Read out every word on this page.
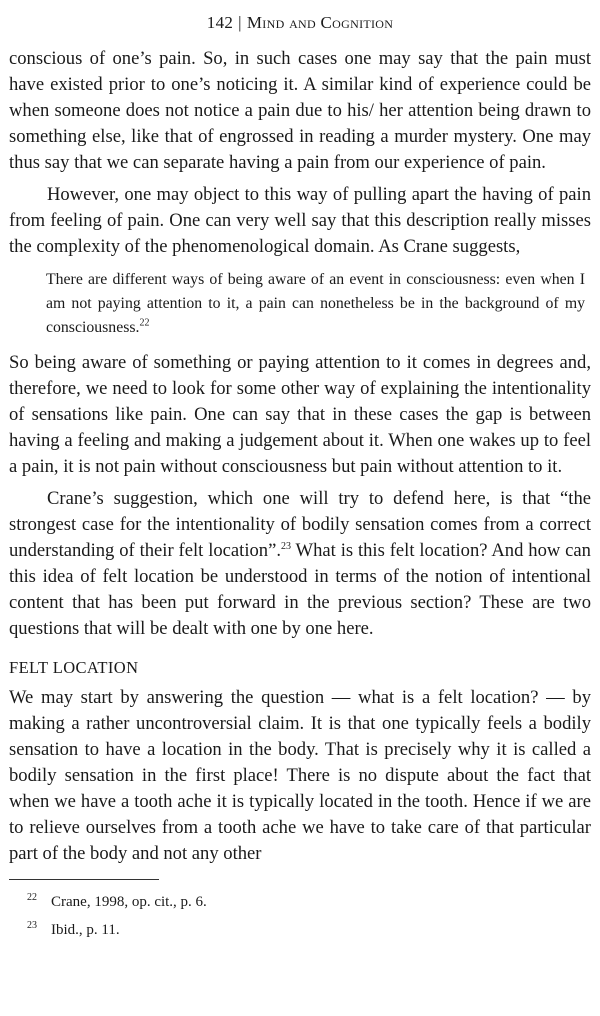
142 | Mind and Cognition

conscious of one’s pain. So, in such cases one may say that the pain must have existed prior to one’s noticing it. A similar kind of experience could be when someone does not notice a pain due to his/ her attention being drawn to something else, like that of engrossed in reading a murder mystery. One may thus say that we can separate having a pain from our experience of pain.

However, one may object to this way of pulling apart the having of pain from feeling of pain. One can very well say that this description really misses the complexity of the phenomenological domain. As Crane suggests,

There are different ways of being aware of an event in consciousness: even when I am not paying attention to it, a pain can nonetheless be in the background of my consciousness.$^{22}$

So being aware of something or paying attention to it comes in degrees and, therefore, we need to look for some other way of explaining the intentionality of sensations like pain. One can say that in these cases the gap is between having a feeling and making a judgement about it. When one wakes up to feel a pain, it is not pain without consciousness but pain without attention to it.

Crane’s suggestion, which one will try to defend here, is that “the strongest case for the intentionality of bodily sensation comes from a correct understanding of their felt location”.$^{23}$ What is this felt location? And how can this idea of felt location be understood in terms of the notion of intentional content that has been put forward in the previous section? These are two questions that will be dealt with one by one here.

FELT LOCATION

We may start by answering the question — what is a felt location? — by making a rather uncontroversial claim. It is that one typically feels a bodily sensation to have a location in the body. That is precisely why it is called a bodily sensation in the first place! There is no dispute about the fact that when we have a tooth ache it is typically located in the tooth. Hence if we are to relieve ourselves from a tooth ache we have to take care of that particular part of the body and not any other

22 Crane, 1998, op. cit., p. 6.
23 Ibid., p. 11.
